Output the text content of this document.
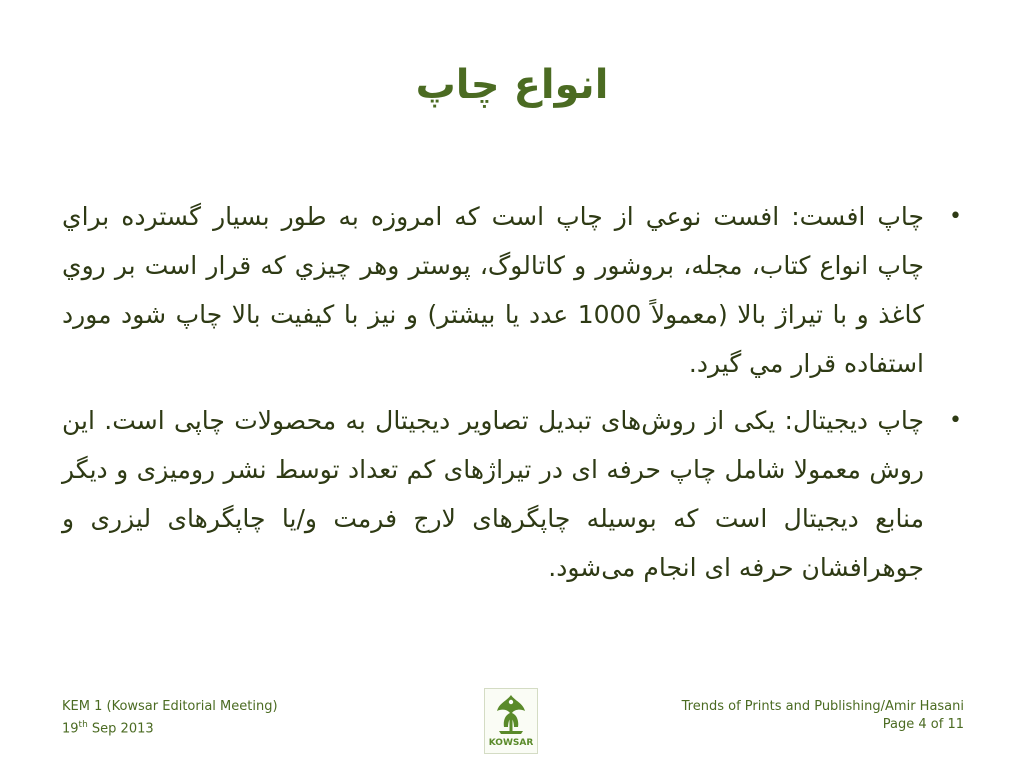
انواع چاپ

•
چاپ افست: افست نوعي از چاپ است که امروزه به طور بسيار گسترده براي چاپ انواع کتاب، مجله، بروشور و کاتالوگ، پوستر وهر چيزي که قرار است بر روي کاغذ و با تيراژ بالا (معمولاً 1000 عدد يا بيشتر) و نيز با کيفيت بالا چاپ شود مورد استفاده قرار مي گيرد.

•
چاپ دیجیتال: یکی از روش‌های تبدیل تصاویر دیجیتال به محصولات چاپی است. این روش معمولا شامل چاپ حرفه ای در تیراژهای کم تعداد توسط نشر رومیزی و دیگر منابع دیجیتال است که بوسیله چاپگرهای لارج فرمت و/یا چاپگرهای لیزری و جوهرافشان حرفه ای انجام می‌شود.

KEM 1 (Kowsar Editorial Meeting)
19th Sep 2013
KOWSAR
Trends of Prints and Publishing/Amir Hasani
Page 4 of 11
